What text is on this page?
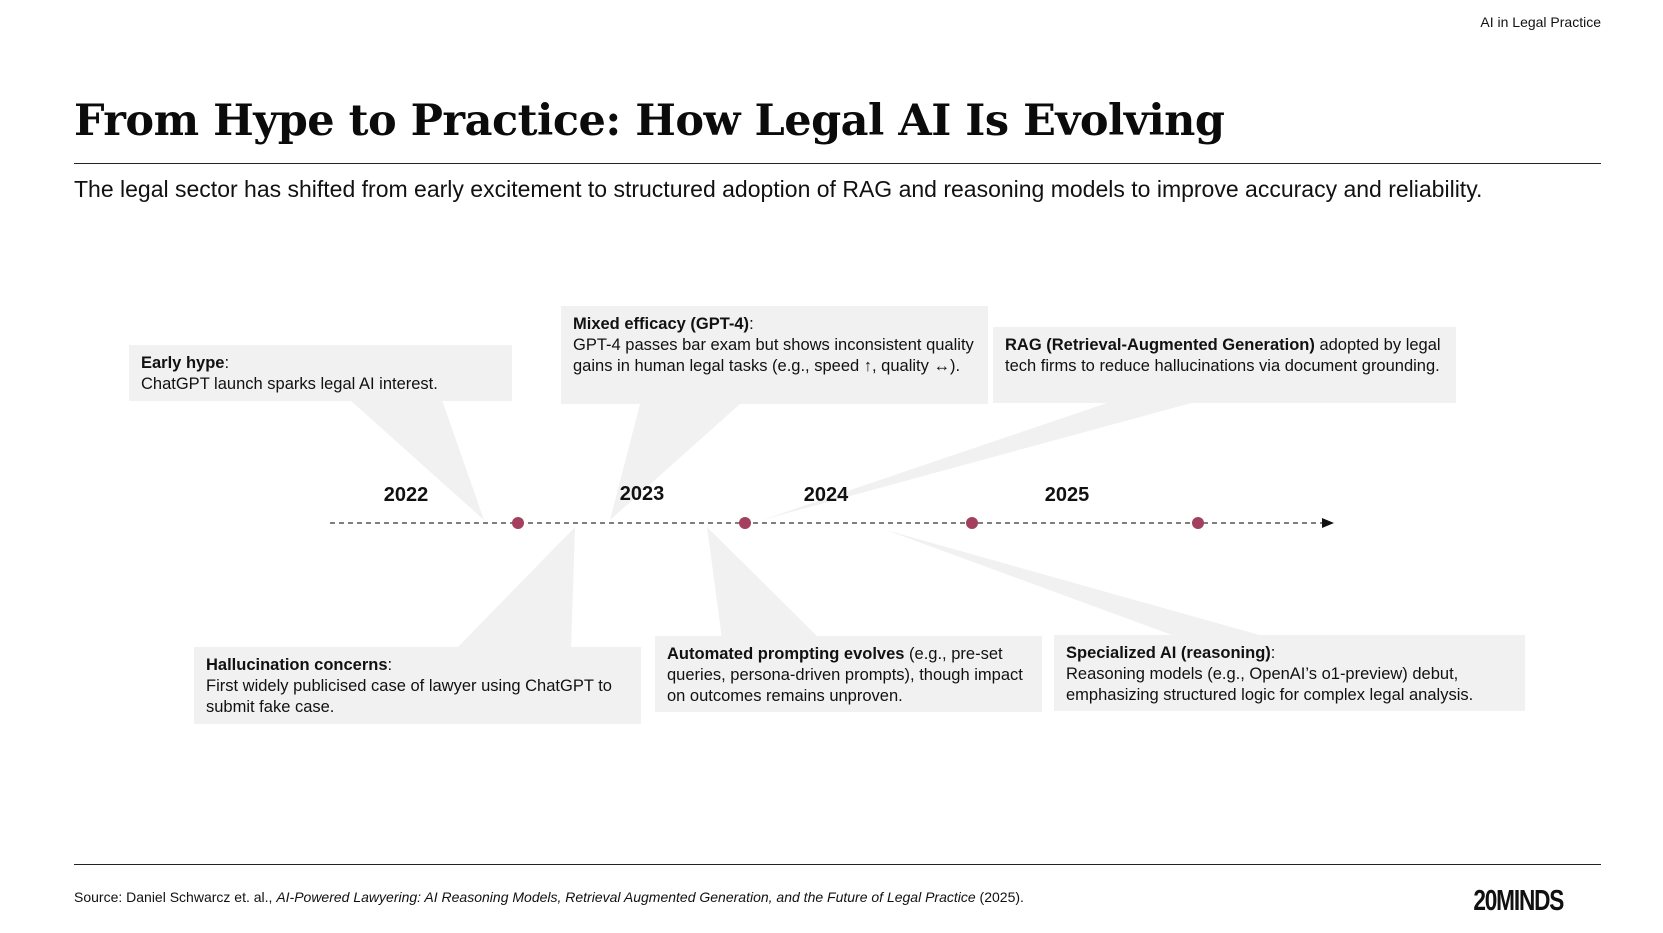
AI in Legal Practice
From Hype to Practice: How Legal AI Is Evolving

The legal sector has shifted from early excitement to structured adoption of RAG and reasoning models to improve accuracy and reliability.

2022	2023	2024	2025
Early hype:
ChatGPT launch sparks legal AI interest.
Mixed efficacy (GPT-4):
GPT-4 passes bar exam but shows inconsistent quality gains in human legal tasks (e.g., speed ↑, quality ↔).
RAG (Retrieval-Augmented Generation) adopted by legal tech firms to reduce hallucinations via document grounding.
Hallucination concerns:
First widely publicised case of lawyer using ChatGPT to submit fake case.
Automated prompting evolves (e.g., pre-set queries, persona-driven prompts), though impact on outcomes remains unproven.
Specialized AI (reasoning):
Reasoning models (e.g., OpenAI’s o1-preview) debut, emphasizing structured logic for complex legal analysis.
Source: Daniel Schwarcz et. al., AI-Powered Lawyering: AI Reasoning Models, Retrieval Augmented Generation, and the Future of Legal Practice (2025).	20MINDS
